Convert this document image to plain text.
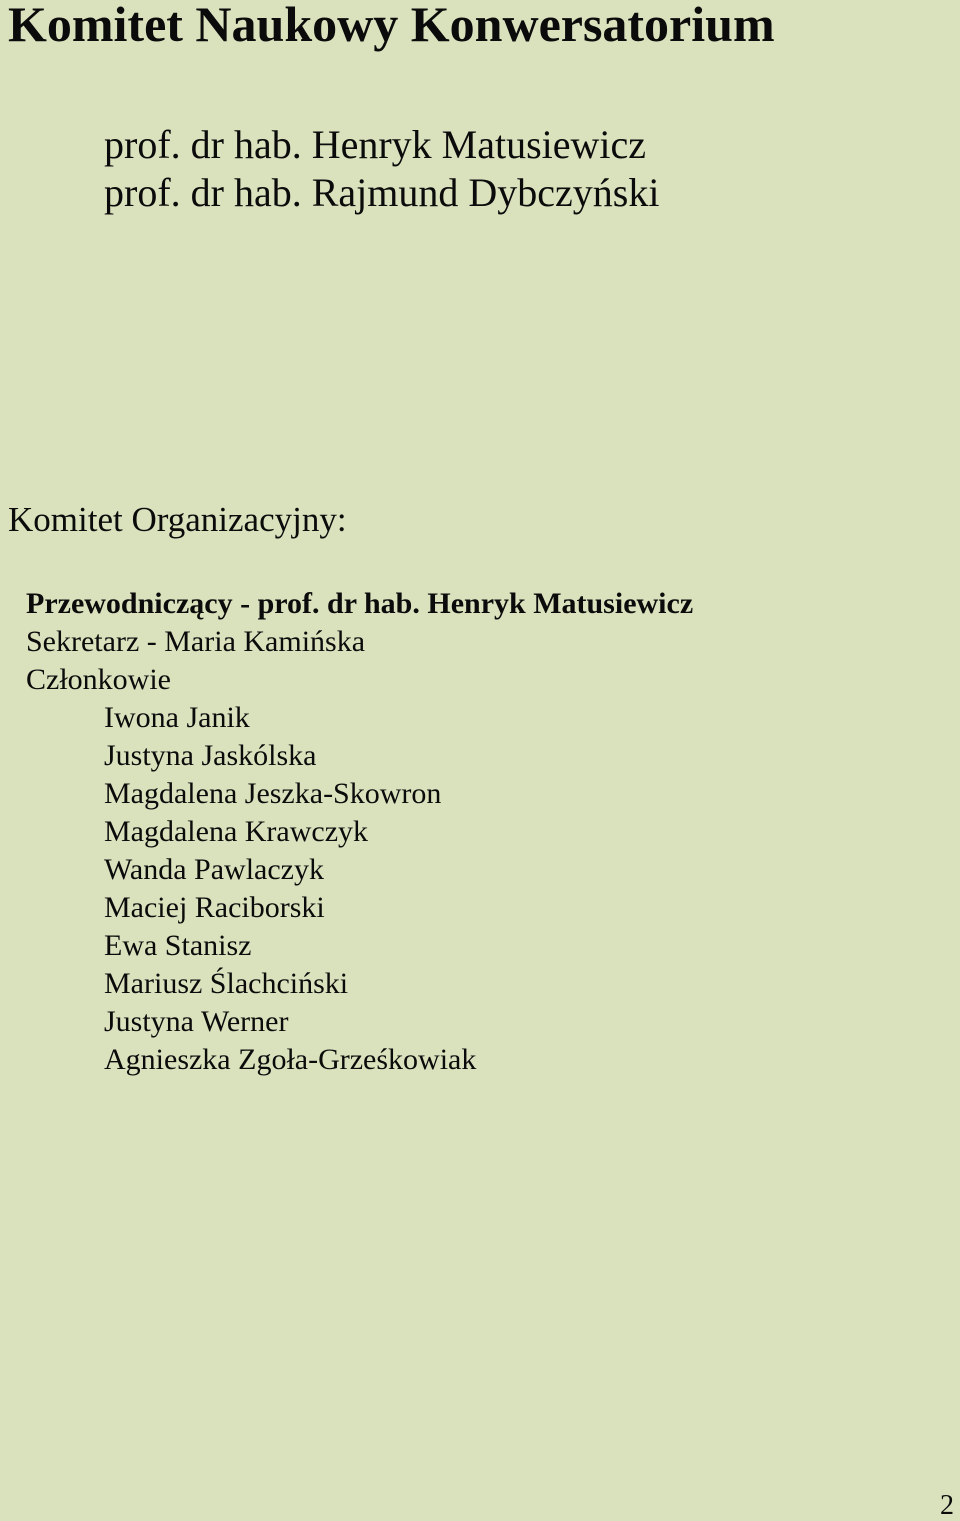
Komitet Naukowy Konwersatorium
prof. dr hab. Henryk Matusiewicz
prof. dr hab. Rajmund Dybczyński
Komitet Organizacyjny:
Przewodniczący - prof. dr hab. Henryk Matusiewicz
Sekretarz - Maria Kamińska
Członkowie
Iwona Janik
Justyna Jaskólska
Magdalena Jeszka-Skowron
Magdalena Krawczyk
Wanda Pawlaczyk
Maciej Raciborski
Ewa Stanisz
Mariusz Ślachciński
Justyna Werner
Agnieszka Zgoła-Grześkowiak
2
